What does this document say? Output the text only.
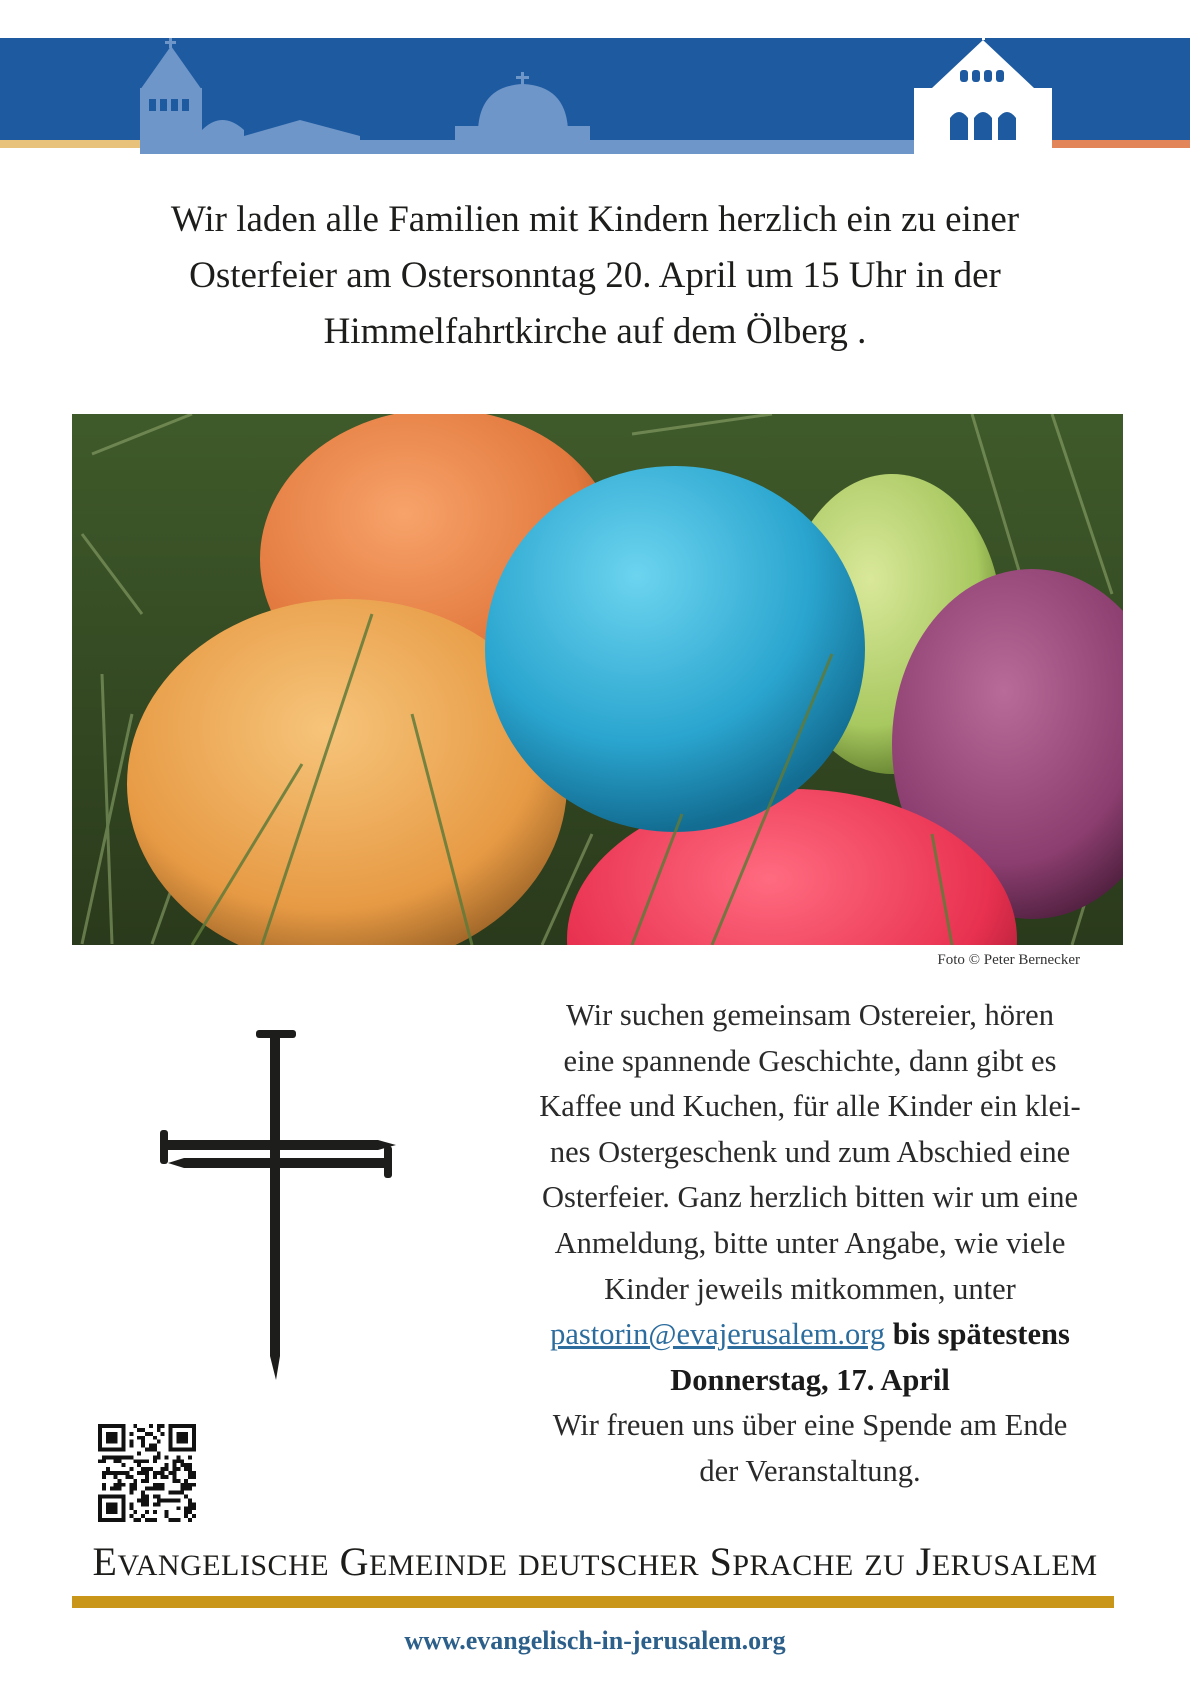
Wir laden alle Familien mit Kindern herzlich ein zu einer
Osterfeier am Ostersonntag 20. April um 15 Uhr in der
Himmelfahrtkirche auf dem Ölberg .
Foto © Peter Bernecker
Wir suchen gemeinsam Ostereier, hören
eine spannende Geschichte, dann gibt es
Kaffee und Kuchen, für alle Kinder ein klei-
nes Ostergeschenk und zum Abschied eine
Osterfeier. Ganz herzlich bitten wir um eine
Anmeldung, bitte unter Angabe, wie viele
Kinder jeweils mitkommen, unter
pastorin@evajerusalem.org bis spätestens
Donnerstag, 17. April
Wir freuen uns über eine Spende am Ende
der Veranstaltung.
EVANGELISCHE GEMEINDE DEUTSCHER SPRACHE ZU JERUSALEM
www.evangelisch-in-jerusalem.org
